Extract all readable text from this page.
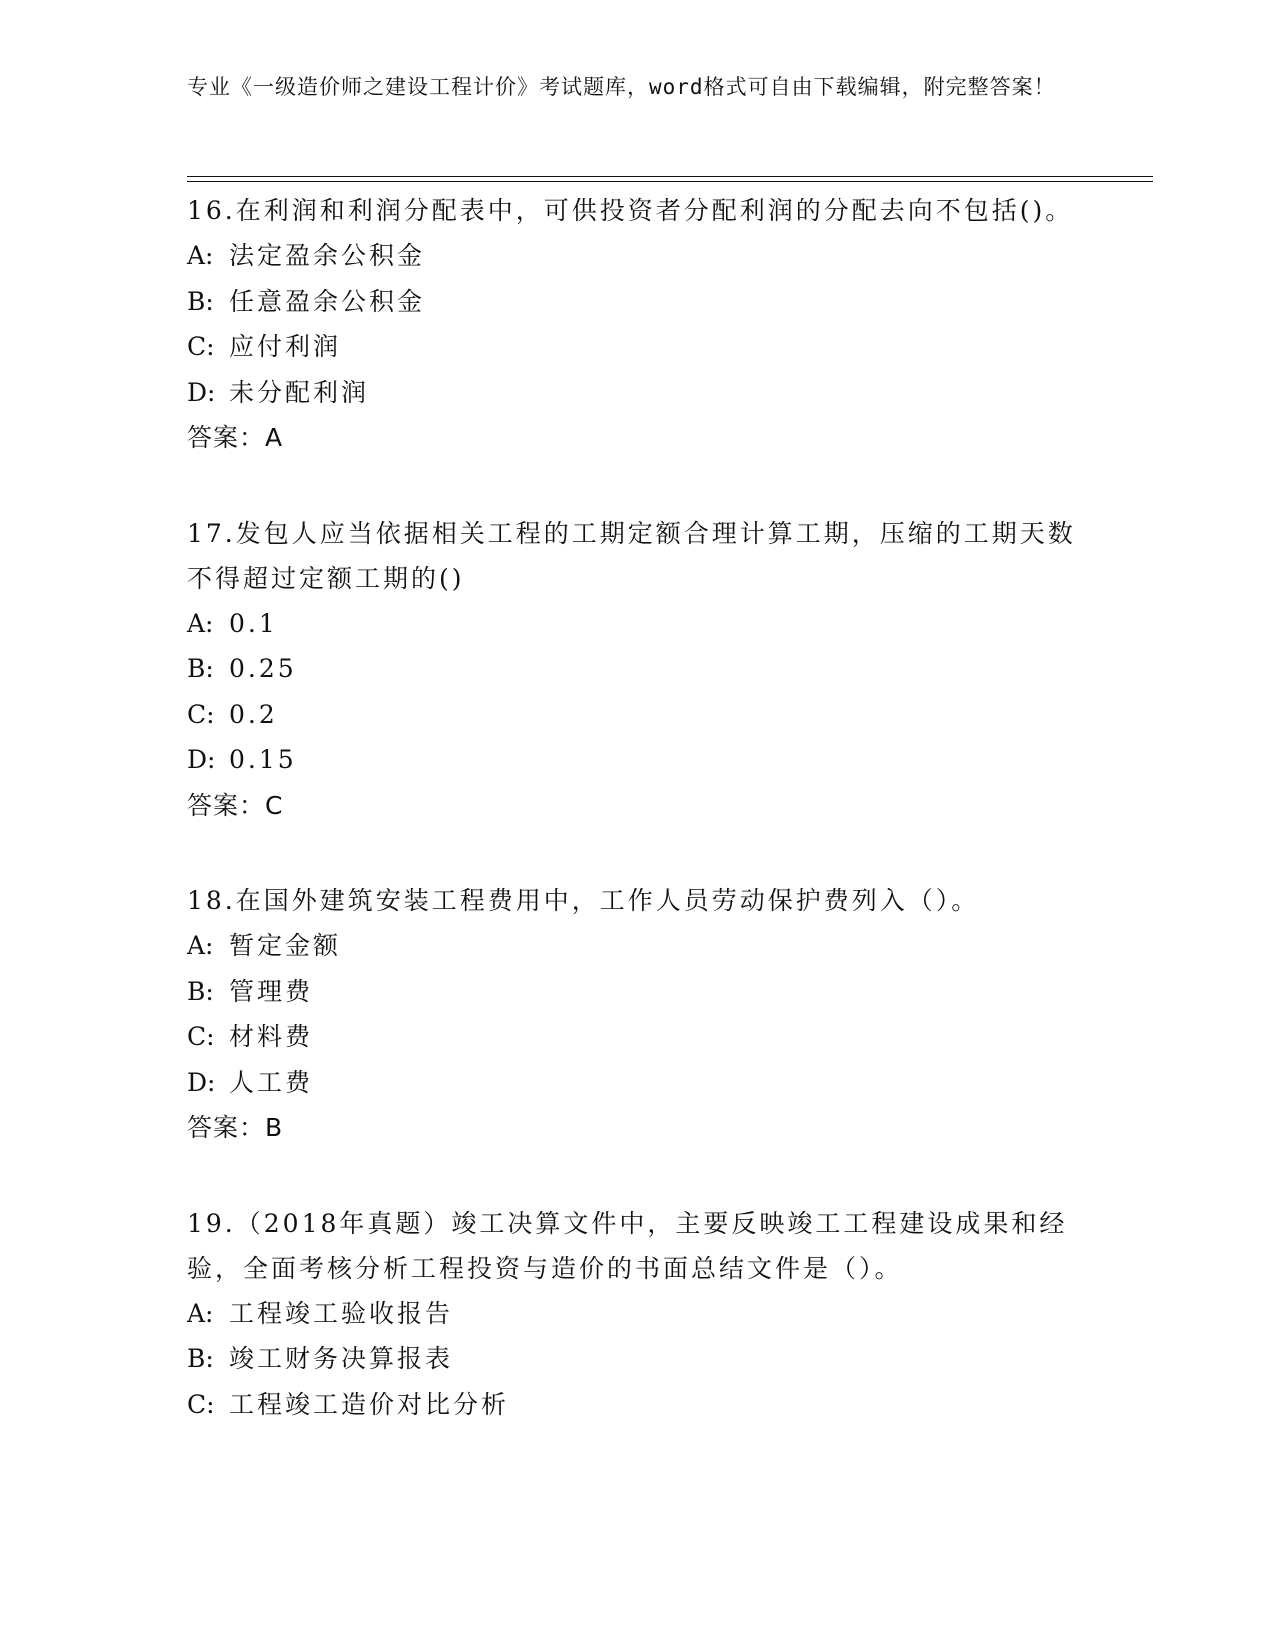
专业《一级造价师之建设工程计价》考试题库，word格式可自由下载编辑，附完整答案！

16.在利润和利润分配表中，可供投资者分配利润的分配去向不包括()。

A: 法定盈余公积金
B: 任意盈余公积金
C: 应付利润
D: 未分配利润
答案：A

17.发包人应当依据相关工程的工期定额合理计算工期，压缩的工期天数不得超过定额工期的()

A: 0.1
B: 0.25
C: 0.2
D: 0.15
答案：C

18.在国外建筑安装工程费用中，工作人员劳动保护费列入（）。

A: 暂定金额
B: 管理费
C: 材料费
D: 人工费
答案：B

19.（2018年真题）竣工决算文件中，主要反映竣工工程建设成果和经验，全面考核分析工程投资与造价的书面总结文件是（）。

A: 工程竣工验收报告
B: 竣工财务决算报表
C: 工程竣工造价对比分析
